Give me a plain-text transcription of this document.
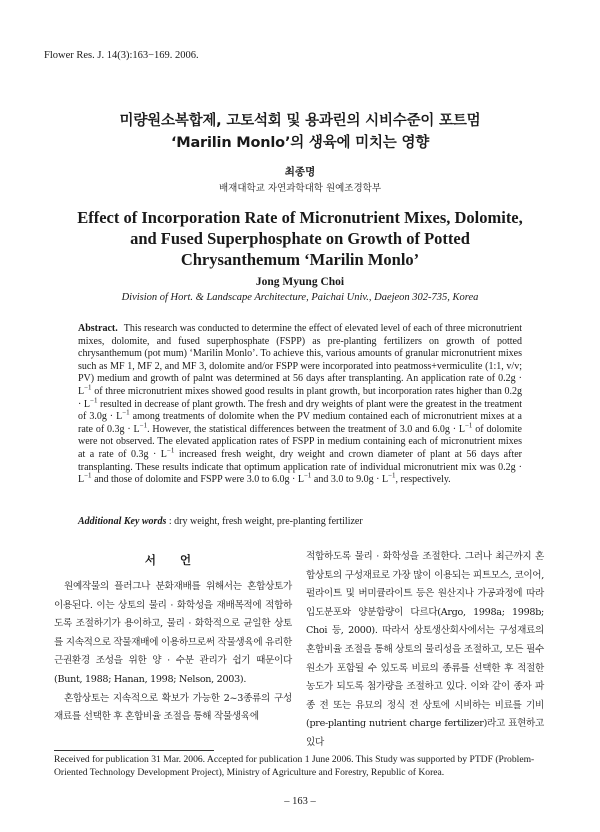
Flower Res. J. 14(3):163−169. 2006.
미량원소복합제, 고토석회 및 용과린의 시비수준이 포트멈
‘Marilin Monlo’의 생육에 미치는 영향
최종명
배재대학교 자연과학대학 원예조경학부
Effect of Incorporation Rate of Micronutrient Mixes, Dolomite,
and Fused Superphosphate on Growth of Potted
Chrysanthemum ‘Marilin Monlo’
Jong Myung Choi
Division of Hort. & Landscape Architecture, Paichai Univ., Daejeon 302-735, Korea

Abstract. This research was conducted to determine the effect of elevated level of each of three micronutrient mixes, dolomite, and fused superphosphate (FSPP) as pre-planting fertilizers on growth of potted chrysanthemum (pot mum) ‘Marilin Monlo’. To achieve this, various amounts of granular micronutrient mixes such as MF 1, MF 2, and MF 3, dolomite and/or FSPP were incorporated into peatmoss+vermiculite (1:1, v/v; PV) medium and growth of palnt was determined at 56 days after transplanting. An application rate of $0.2g \cdot L^{-1}$ of three micronutrient mixes showed good results in plant growth, but incorporation rates higher than $0.2g \cdot L^{-1}$ resulted in decrease of plant growth. The fresh and dry weights of plant were the greatest in the treatment of $3.0g \cdot L^{-1}$ among treatments of dolomite when the PV medium contained each of micronutrient mixes at a rate of $0.3g \cdot L^{-1}$. However, the statistical differences between the treatment of 3.0 and $6.0g \cdot L^{-1}$ of dolomite were not observed. The elevated application rates of FSPP in medium containing each of micronutrient mixes at a rate of $0.3g \cdot L^{-1}$ increased fresh weight, dry weight and crown diameter of plant at 56 days after transplanting. These results indicate that optimum application rate of individual micronutrient mix was $0.2g \cdot L^{-1}$ and those of dolomite and FSPP were 3.0 to $6.0g \cdot L^{-1}$ and 3.0 to $9.0g \cdot L^{-1}$, respectively.

Additional Key words : dry weight, fresh weight, pre-planting fertilizer

서 언

원예작물의 플러그나 분화재배를 위해서는 혼합상토가 이용된다. 이는 상토의 물리 · 화학성을 재배목적에 적합하도록 조절하기가 용이하고, 물리 · 화학적으로 균일한 상토를 지속적으로 작물재배에 이용하므로써 작물생육에 유리한 근권환경 조성을 위한 양 · 수분 관리가 쉽기 때문이다(Bunt, 1988; Hanan, 1998; Nelson, 2003).

혼합상토는 지속적으로 확보가 가능한 2~3종류의 구성재료를 선택한 후 혼합비율 조절을 통해 작물생육에

적합하도록 물리 · 화학성을 조절한다. 그러나 최근까지 혼합상토의 구성재료로 가장 많이 이용되는 피트모스, 코이어, 펄라이트 및 버미큘라이트 등은 원산지나 가공과정에 따라 입도분포와 양분함량이 다르다(Argo, 1998a; 1998b; Choi 등, 2000). 따라서 상토생산회사에서는 구성재료의 혼합비율 조절을 통해 상토의 물리성을 조절하고, 모든 필수원소가 포함될 수 있도록 비료의 종류를 선택한 후 적절한 농도가 되도록 첨가량을 조절하고 있다. 이와 같이 종자 파종 전 또는 유묘의 정식 전 상토에 시비하는 비료를 기비(pre-planting nutrient charge fertilizer)라고 표현하고 있다

Received for publication 31 Mar. 2006. Accepted for publication 1 June 2006. This Study was supported by PTDF (Problem-Oriented Technology Development Project), Ministry of Agriculture and Forestry, Republic of Korea.

– 163 –
